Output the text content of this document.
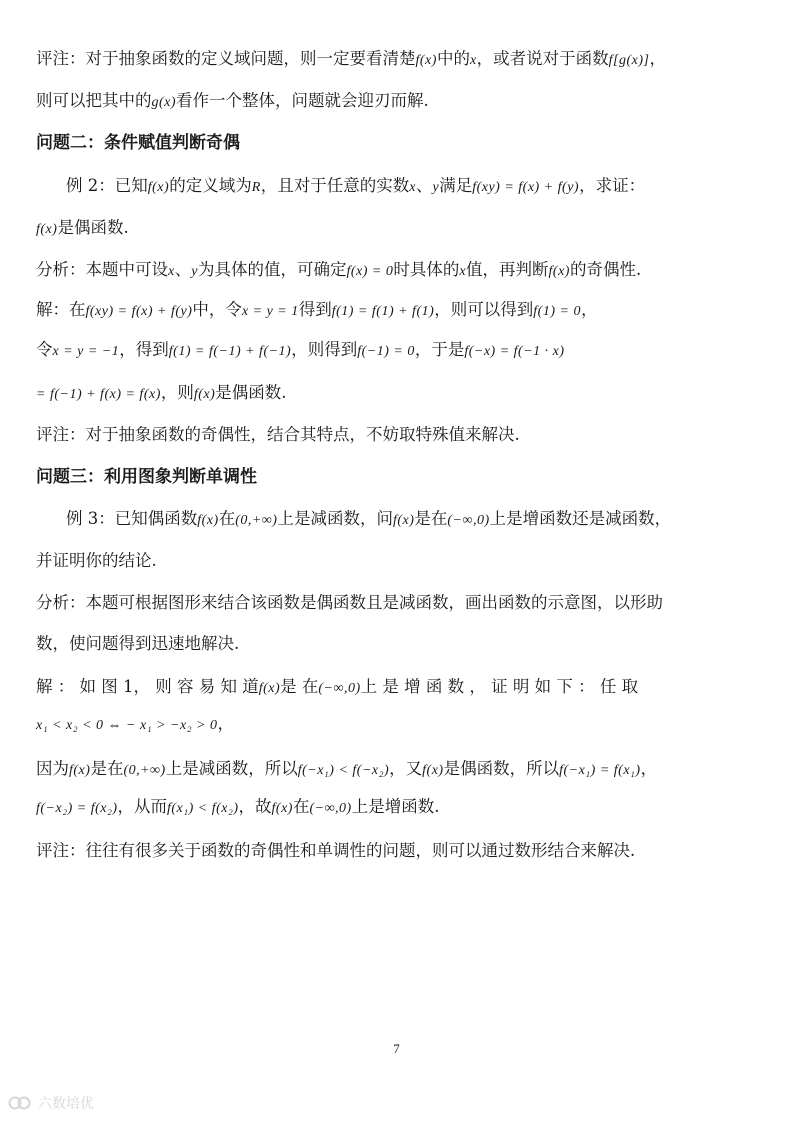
评注：对于抽象函数的定义域问题，则一定要看清楚f(x)中的x，或者说对于函数f[g(x)]，
则可以把其中的g(x)看作一个整体，问题就会迎刃而解.
问题二：条件赋值判断奇偶
例 2：已知f(x)的定义域为R，且对于任意的实数x、y满足f(xy) = f(x) + f(y)，求证：
f(x)是偶函数.
分析：本题中可设x、y为具体的值，可确定f(x) = 0时具体的x值，再判断f(x)的奇偶性.
解：在f(xy) = f(x) + f(y)中，令x = y = 1得到f(1) = f(1) + f(1)，则可以得到f(1) = 0，
令x = y = −1，得到f(1) = f(−1) + f(−1)，则得到f(−1) = 0，于是f(−x) = f(−1 · x)
= f(−1) + f(x) = f(x)，则f(x)是偶函数.
评注：对于抽象函数的奇偶性，结合其特点，不妨取特殊值来解决.
问题三：利用图象判断单调性
例 3：已知偶函数f(x)在(0,+∞)上是减函数，问f(x)是在(−∞,0)上是增函数还是减函数，
并证明你的结论.
分析：本题可根据图形来结合该函数是偶函数且是减函数，画出函数的示意图，以形助
数，使问题得到迅速地解决.
解 ： 如 图 1， 则 容 易 知 道f(x)是 在(−∞,0)上 是 增 函 数 ， 证 明 如 下 ： 任 取
x₁ < x₂ < 0 ⇔ − x₁ > −x₂ > 0，
因为f(x)是在(0,+∞)上是减函数，所以f(−x₁) < f(−x₂)，又f(x)是偶函数，所以f(−x₁) = f(x₁)，
f(−x₂) = f(x₂)，从而f(x₁) < f(x₂)，故f(x)在(−∞,0)上是增函数.
评注：往往有很多关于函数的奇偶性和单调性的问题，则可以通过数形结合来解决.
7
六数培优
